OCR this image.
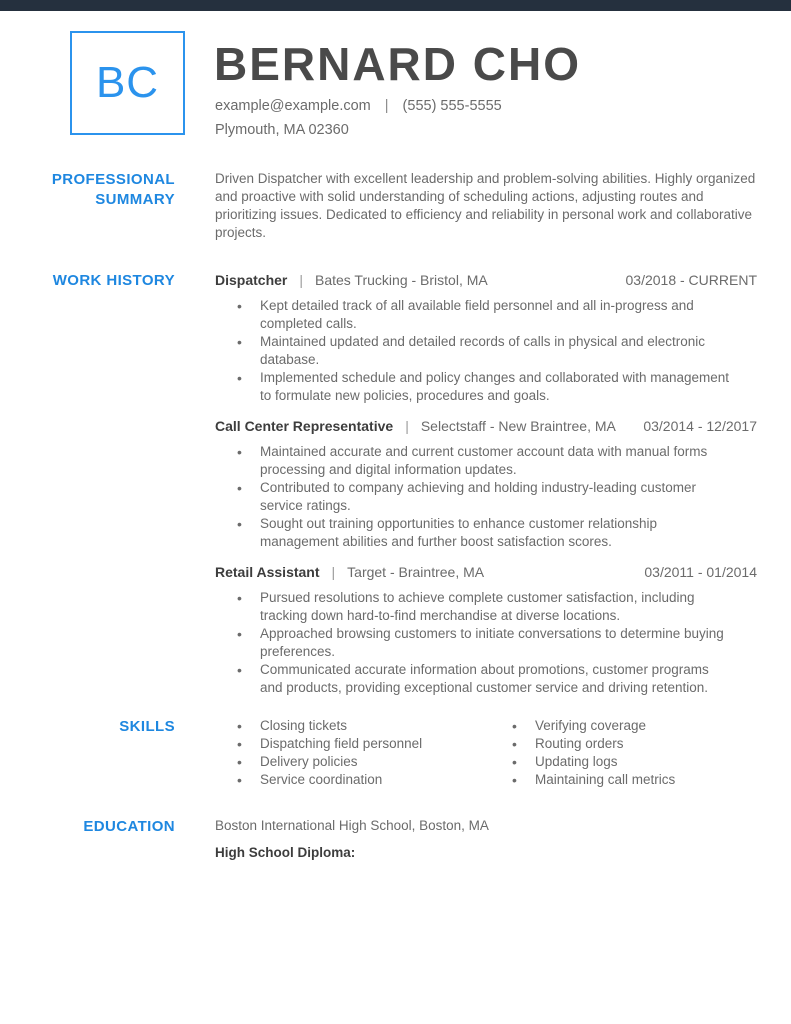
BC BERNARD CHO
example@example.com | (555) 555-5555
Plymouth, MA 02360
PROFESSIONAL SUMMARY
Driven Dispatcher with excellent leadership and problem-solving abilities. Highly organized and proactive with solid understanding of scheduling actions, adjusting routes and prioritizing issues. Dedicated to efficiency and reliability in personal work and collaborative projects.
WORK HISTORY	Dispatcher | Bates Trucking - Bristol, MA	03/2018 - CURRENT
• Kept detailed track of all available field personnel and all in-progress and completed calls.
• Maintained updated and detailed records of calls in physical and electronic database.
• Implemented schedule and policy changes and collaborated with management to formulate new policies, procedures and goals.
Call Center Representative | Selectstaff - New Braintree, MA 03/2014 - 12/2017
• Maintained accurate and current customer account data with manual forms processing and digital information updates.
• Contributed to company achieving and holding industry-leading customer service ratings.
• Sought out training opportunities to enhance customer relationship management abilities and further boost satisfaction scores.
Retail Assistant | Target - Braintree, MA	03/2011 - 01/2014
• Pursued resolutions to achieve complete customer satisfaction, including tracking down hard-to-find merchandise at diverse locations.
• Approached browsing customers to initiate conversations to determine buying preferences.
• Communicated accurate information about promotions, customer programs and products, providing exceptional customer service and driving retention.
SKILLS	• Closing tickets
• Dispatching field personnel
• Delivery policies
• Service coordination
• Verifying coverage
• Routing orders
• Updating logs
• Maintaining call metrics
EDUCATION	Boston International High School, Boston, MA
High School Diploma:
